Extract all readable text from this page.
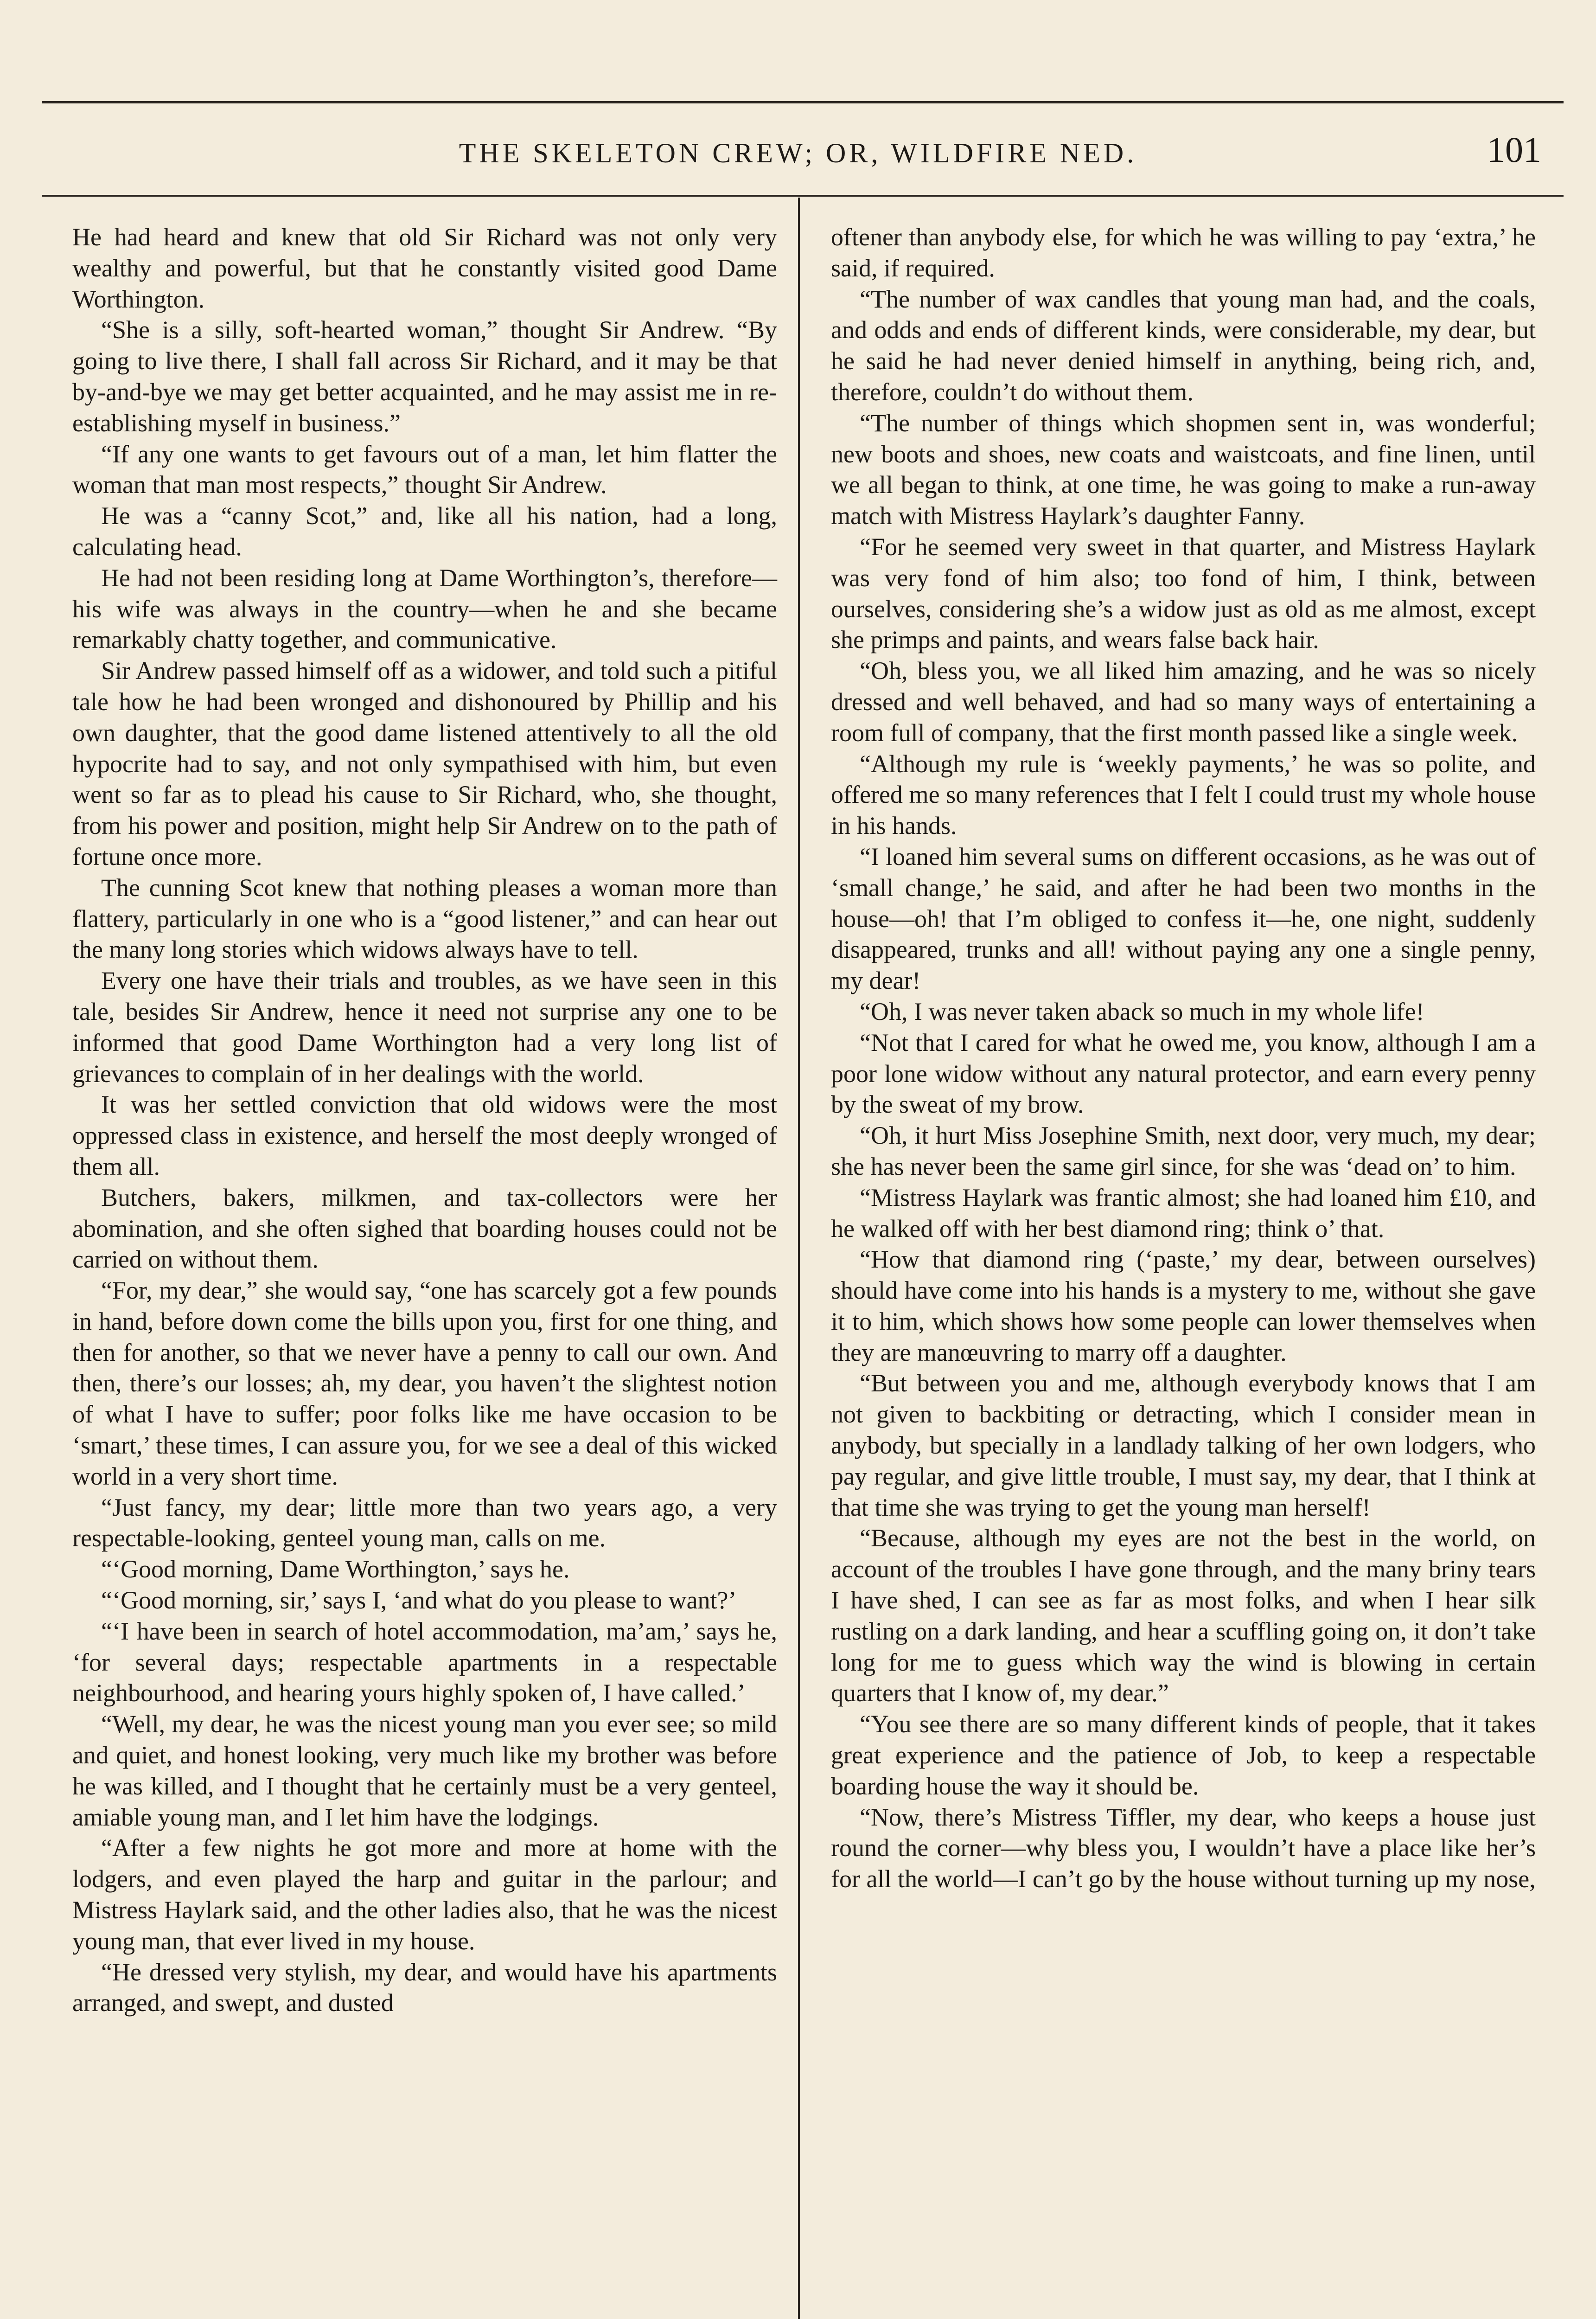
THE SKELETON CREW; OR, WILDFIRE NED.	101

He had heard and knew that old Sir Richard was not only very wealthy and powerful, but that he constantly visited good Dame Worthington.

“She is a silly, soft-hearted woman,” thought Sir Andrew. “By going to live there, I shall fall across Sir Richard, and it may be that by-and-bye we may get better acquainted, and he may assist me in re-establishing myself in business.”

“If any one wants to get favours out of a man, let him flatter the woman that man most respects,” thought Sir Andrew.

He was a “canny Scot,” and, like all his nation, had a long, calculating head.

He had not been residing long at Dame Worthington’s, therefore—his wife was always in the country—when he and she became remarkably chatty together, and communicative.

Sir Andrew passed himself off as a widower, and told such a pitiful tale how he had been wronged and dishonoured by Phillip and his own daughter, that the good dame listened attentively to all the old hypocrite had to say, and not only sympathised with him, but even went so far as to plead his cause to Sir Richard, who, she thought, from his power and position, might help Sir Andrew on to the path of fortune once more.

The cunning Scot knew that nothing pleases a woman more than flattery, particularly in one who is a “good listener,” and can hear out the many long stories which widows always have to tell.

Every one have their trials and troubles, as we have seen in this tale, besides Sir Andrew, hence it need not surprise any one to be informed that good Dame Worthington had a very long list of grievances to complain of in her dealings with the world.

It was her settled conviction that old widows were the most oppressed class in existence, and herself the most deeply wronged of them all.

Butchers, bakers, milkmen, and tax-collectors were her abomination, and she often sighed that boarding houses could not be carried on without them.

“For, my dear,” she would say, “one has scarcely got a few pounds in hand, before down come the bills upon you, first for one thing, and then for another, so that we never have a penny to call our own. And then, there’s our losses; ah, my dear, you haven’t the slightest notion of what I have to suffer; poor folks like me have occasion to be ‘smart,’ these times, I can assure you, for we see a deal of this wicked world in a very short time.

“Just fancy, my dear; little more than two years ago, a very respectable-looking, genteel young man, calls on me.

“‘Good morning, Dame Worthington,’ says he.

“‘Good morning, sir,’ says I, ‘and what do you please to want?’

“‘I have been in search of hotel accommodation, ma’am,’ says he, ‘for several days; respectable apartments in a respectable neighbourhood, and hearing yours highly spoken of, I have called.’

“Well, my dear, he was the nicest young man you ever see; so mild and quiet, and honest looking, very much like my brother was before he was killed, and I thought that he certainly must be a very genteel, amiable young man, and I let him have the lodgings.

“After a few nights he got more and more at home with the lodgers, and even played the harp and guitar in the parlour; and Mistress Haylark said, and the other ladies also, that he was the nicest young man, that ever lived in my house.

“He dressed very stylish, my dear, and would have his apartments arranged, and swept, and dusted

oftener than anybody else, for which he was willing to pay ‘extra,’ he said, if required.

“The number of wax candles that young man had, and the coals, and odds and ends of different kinds, were considerable, my dear, but he said he had never denied himself in anything, being rich, and, therefore, couldn’t do without them.

“The number of things which shopmen sent in, was wonderful; new boots and shoes, new coats and waistcoats, and fine linen, until we all began to think, at one time, he was going to make a run-away match with Mistress Haylark’s daughter Fanny.

“For he seemed very sweet in that quarter, and Mistress Haylark was very fond of him also; too fond of him, I think, between ourselves, considering she’s a widow just as old as me almost, except she primps and paints, and wears false back hair.

“Oh, bless you, we all liked him amazing, and he was so nicely dressed and well behaved, and had so many ways of entertaining a room full of company, that the first month passed like a single week.

“Although my rule is ‘weekly payments,’ he was so polite, and offered me so many references that I felt I could trust my whole house in his hands.

“I loaned him several sums on different occasions, as he was out of ‘small change,’ he said, and after he had been two months in the house—oh! that I’m obliged to confess it—he, one night, suddenly disappeared, trunks and all! without paying any one a single penny, my dear!

“Oh, I was never taken aback so much in my whole life!

“Not that I cared for what he owed me, you know, although I am a poor lone widow without any natural protector, and earn every penny by the sweat of my brow.

“Oh, it hurt Miss Josephine Smith, next door, very much, my dear; she has never been the same girl since, for she was ‘dead on’ to him.

“Mistress Haylark was frantic almost; she had loaned him £10, and he walked off with her best diamond ring; think o’ that.

“How that diamond ring (‘paste,’ my dear, between ourselves) should have come into his hands is a mystery to me, without she gave it to him, which shows how some people can lower themselves when they are manœuvring to marry off a daughter.

“But between you and me, although everybody knows that I am not given to backbiting or detracting, which I consider mean in anybody, but specially in a landlady talking of her own lodgers, who pay regular, and give little trouble, I must say, my dear, that I think at that time she was trying to get the young man herself!

“Because, although my eyes are not the best in the world, on account of the troubles I have gone through, and the many briny tears I have shed, I can see as far as most folks, and when I hear silk rustling on a dark landing, and hear a scuffling going on, it don’t take long for me to guess which way the wind is blowing in certain quarters that I know of, my dear.”

“You see there are so many different kinds of people, that it takes great experience and the patience of Job, to keep a respectable boarding house the way it should be.

“Now, there’s Mistress Tiffler, my dear, who keeps a house just round the corner—why bless you, I wouldn’t have a place like her’s for all the world—I can’t go by the house without turning up my nose,
